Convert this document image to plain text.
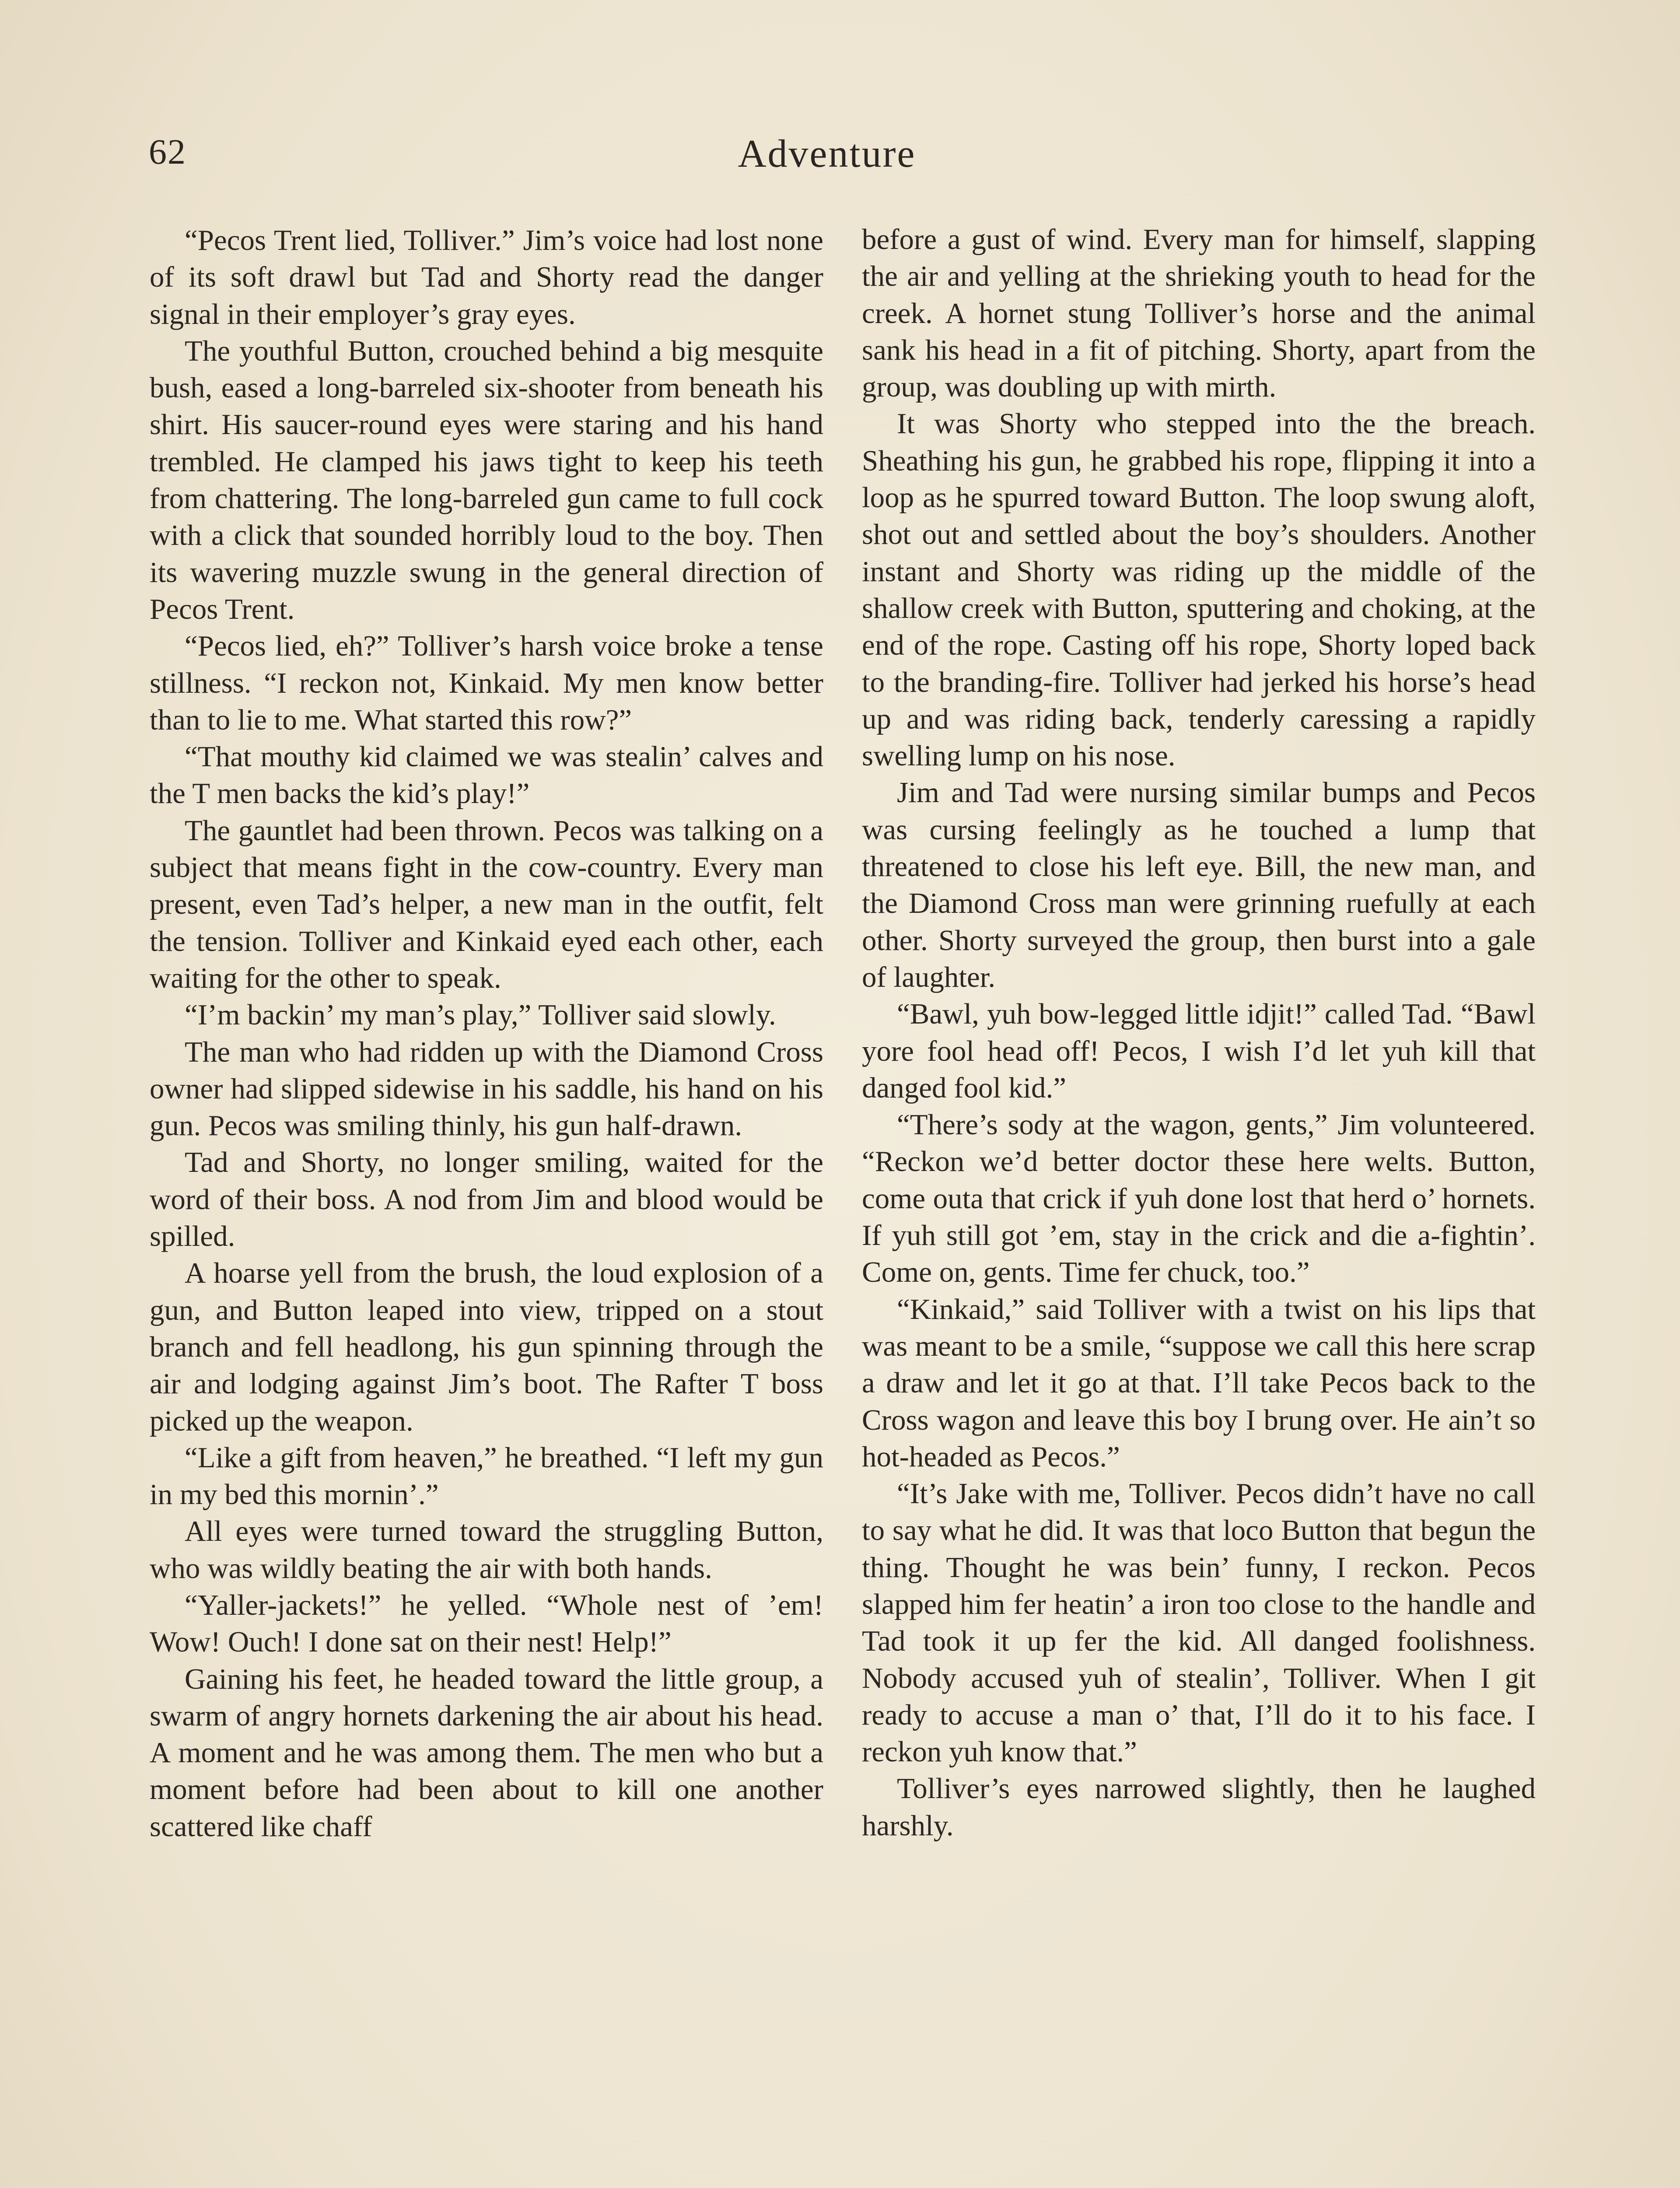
62	Adventure

“Pecos Trent lied, Tolliver.” Jim’s voice had lost none of its soft drawl but Tad and Shorty read the danger signal in their employer’s gray eyes.

The youthful Button, crouched behind a big mesquite bush, eased a long-barreled six-shooter from beneath his shirt. His saucer-round eyes were staring and his hand trembled. He clamped his jaws tight to keep his teeth from chattering. The long-barreled gun came to full cock with a click that sounded horribly loud to the boy. Then its wavering muzzle swung in the general direction of Pecos Trent.

“Pecos lied, eh?” Tolliver’s harsh voice broke a tense stillness. “I reckon not, Kinkaid. My men know better than to lie to me. What started this row?”

“That mouthy kid claimed we was stealin’ calves and the T men backs the kid’s play!”

The gauntlet had been thrown. Pecos was talking on a subject that means fight in the cow-country. Every man present, even Tad’s helper, a new man in the outfit, felt the tension. Tolliver and Kinkaid eyed each other, each waiting for the other to speak.

“I’m backin’ my man’s play,” Tolliver said slowly.

The man who had ridden up with the Diamond Cross owner had slipped sidewise in his saddle, his hand on his gun. Pecos was smiling thinly, his gun half-drawn.

Tad and Shorty, no longer smiling, waited for the word of their boss. A nod from Jim and blood would be spilled.

A hoarse yell from the brush, the loud explosion of a gun, and Button leaped into view, tripped on a stout branch and fell headlong, his gun spinning through the air and lodging against Jim’s boot. The Rafter T boss picked up the weapon.

“Like a gift from heaven,” he breathed. “I left my gun in my bed this mornin’.”

All eyes were turned toward the struggling Button, who was wildly beating the air with both hands.

“Yaller-jackets!” he yelled. “Whole nest of ’em! Wow! Ouch! I done sat on their nest! Help!”

Gaining his feet, he headed toward the little group, a swarm of angry hornets darkening the air about his head. A moment and he was among them. The men who but a moment before had been about to kill one another scattered like chaff

before a gust of wind. Every man for himself, slapping the air and yelling at the shrieking youth to head for the creek. A hornet stung Tolliver’s horse and the animal sank his head in a fit of pitching. Shorty, apart from the group, was doubling up with mirth.

It was Shorty who stepped into the the breach. Sheathing his gun, he grabbed his rope, flipping it into a loop as he spurred toward Button. The loop swung aloft, shot out and settled about the boy’s shoulders. Another instant and Shorty was riding up the middle of the shallow creek with Button, sputtering and choking, at the end of the rope. Casting off his rope, Shorty loped back to the branding-fire. Tolliver had jerked his horse’s head up and was riding back, tenderly caressing a rapidly swelling lump on his nose.

Jim and Tad were nursing similar bumps and Pecos was cursing feelingly as he touched a lump that threatened to close his left eye. Bill, the new man, and the Diamond Cross man were grinning ruefully at each other. Shorty surveyed the group, then burst into a gale of laughter.

“Bawl, yuh bow-legged little idjit!” called Tad. “Bawl yore fool head off! Pecos, I wish I’d let yuh kill that danged fool kid.”

“There’s sody at the wagon, gents,” Jim volunteered. “Reckon we’d better doctor these here welts. Button, come outa that crick if yuh done lost that herd o’ hornets. If yuh still got ’em, stay in the crick and die a-fightin’. Come on, gents. Time fer chuck, too.”

“Kinkaid,” said Tolliver with a twist on his lips that was meant to be a smile, “suppose we call this here scrap a draw and let it go at that. I’ll take Pecos back to the Cross wagon and leave this boy I brung over. He ain’t so hot-headed as Pecos.”

“It’s Jake with me, Tolliver. Pecos didn’t have no call to say what he did. It was that loco Button that begun the thing. Thought he was bein’ funny, I reckon. Pecos slapped him fer heatin’ a iron too close to the handle and Tad took it up fer the kid. All danged foolishness. Nobody accused yuh of stealin’, Tolliver. When I git ready to accuse a man o’ that, I’ll do it to his face. I reckon yuh know that.”

Tolliver’s eyes narrowed slightly, then he laughed harshly.
